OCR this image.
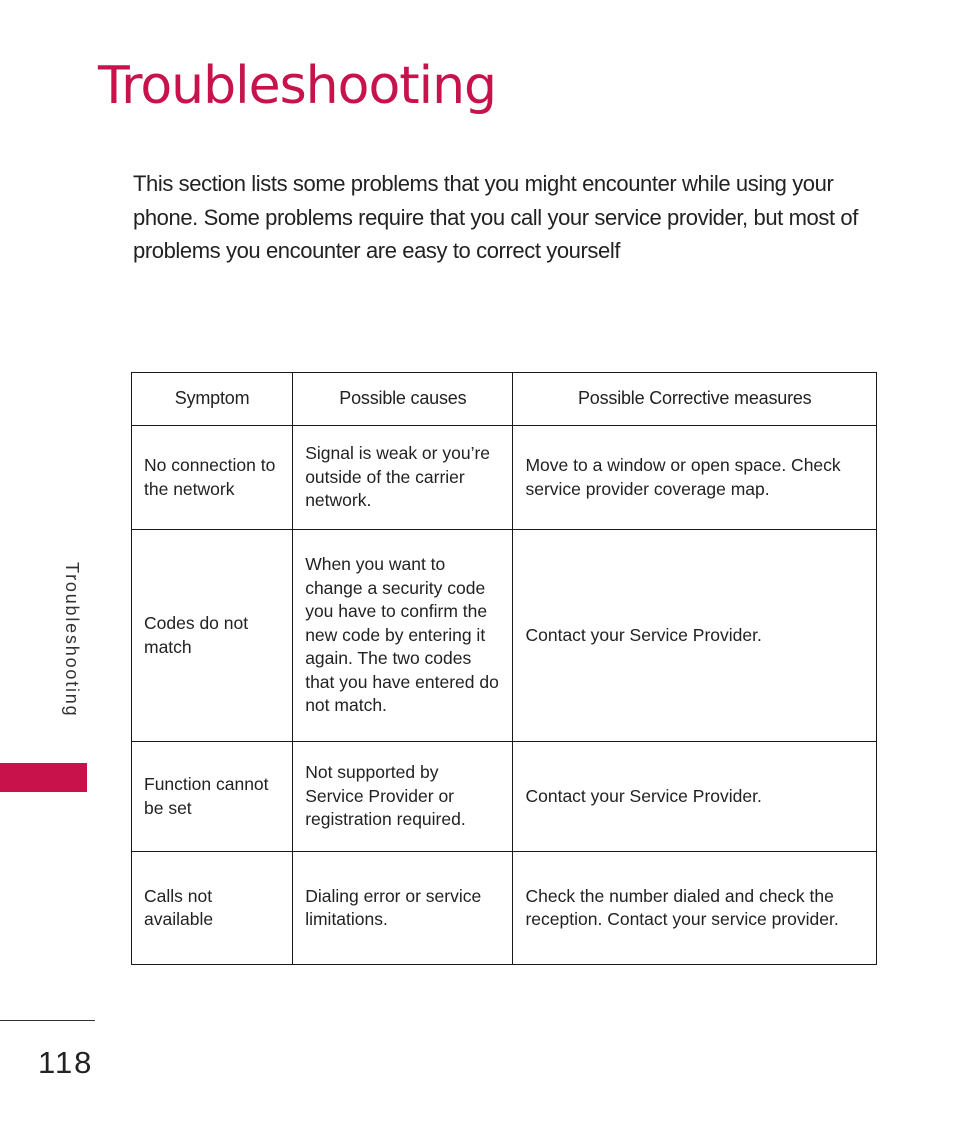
Troubleshooting

This section lists some problems that you might encounter while using your phone. Some problems require that you call your service provider, but most of problems you encounter are easy to correct yourself

Symptom	Possible causes	Possible Corrective measures
No connection to the network	Signal is weak or you’re outside of the carrier network.	Move to a window or open space. Check service provider coverage map.
Codes do not match	When you want to change a security code you have to confirm the new code by entering it again. The two codes that you have entered do not match.	Contact your Service Provider.
Function cannot be set	Not supported by Service Provider or registration required.	Contact your Service Provider.
Calls not available	Dialing error or service limitations.	Check the number dialed and check the reception. Contact your service provider.
Troubleshooting
118
